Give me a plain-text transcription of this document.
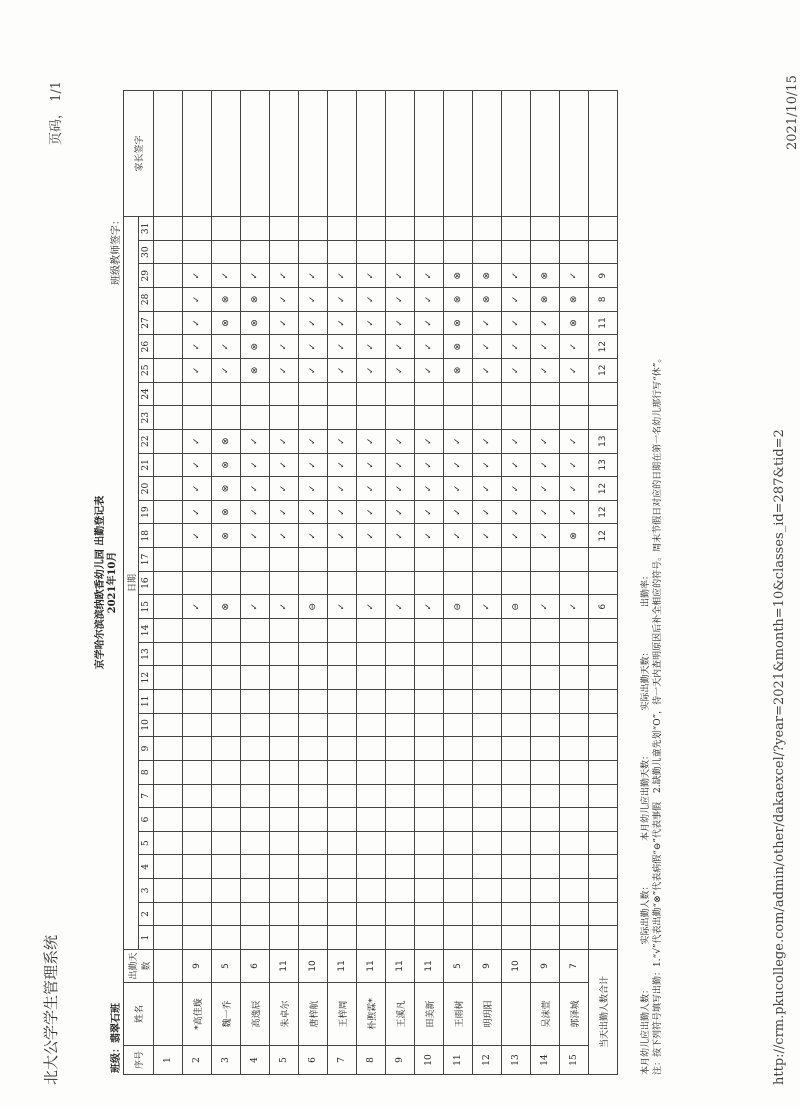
北大公学学生管理系统
页码， 1/1
http://crm.pkucollege.com/admin/other/dakaexcel/?year=2021&month=10&classes_id=287&tid=2
2021/10/15
京学哈尔滨滨纳欧香幼儿园 出勤登记表 2021年10月
班级：翡翠石班
班级教师签字：
序号	姓名	出勤天数	日期																															家长签字
			1	2	3	4	5	6	7	8	9	10	11	12	13	14	15	16	17	18	19	20	21	22	23	24	25	26	27	28	29	30	31	
1																																		
2	*高佳璇	9															✓			✓	✓	✓	✓	✓			✓	✓	✓	✓	✓			
3	魏一乔	5															⊗			⊗	⊗	⊗	⊗	⊗			✓	✓	⊗	⊗	✓			
4	高逸辰	6															✓			✓	✓	✓	✓	✓			⊗	⊗	⊗	⊗	✓			
5	朱卓尔	11															✓			✓	✓	✓	✓	✓			✓	✓	✓	✓	✓			
6	唐梓航	10															⊖			✓	✓	✓	✓	✓			✓	✓	✓	✓	✓			
7	王梓周	11															✓			✓	✓	✓	✓	✓			✓	✓	✓	✓	✓			
8	朴煦霖*	11															✓			✓	✓	✓	✓	✓			✓	✓	✓	✓	✓			
9	王溪凡	11															✓			✓	✓	✓	✓	✓			✓	✓	✓	✓	✓			
10	田美新	11															✓			✓	✓	✓	✓	✓			✓	✓	✓	✓	✓			
11	王雨树	5															⊖			✓	✓	✓	✓	✓			⊗	⊗	⊗	⊗	⊗			
12	明玥阳	9															✓			✓	✓	✓	✓	✓			✓	✓	✓	⊗	⊗			
13		10															⊖			✓	✓	✓	✓	✓			✓	✓	✓	✓	✓			
14	吴沫萱	9															✓			✓	✓	✓	✓	✓			✓	✓	✓	⊗	⊗			
15	郭泽城	7															✓			⊗	✓	✓	✓	✓			✓	✓	⊗	⊗	✓			
当天出勤人数合计																	6			12	12	12	13	13			12	12	11	8	9			
本月幼儿应出勤人数：　　　　　实际出勤人数：　　　　　本月幼儿应出勤天数：　　　　　实际出勤天数：　　　　　出勤率： 注：按下列符号填写出勤：1.“√”代表出勤“⊗”代表病假“⊖”代表事假　2.缺勤儿童先划“O”，待一天内查明原因后补全相应的符号。周末节假日对应的日期在第一名幼儿那行写“休”。
